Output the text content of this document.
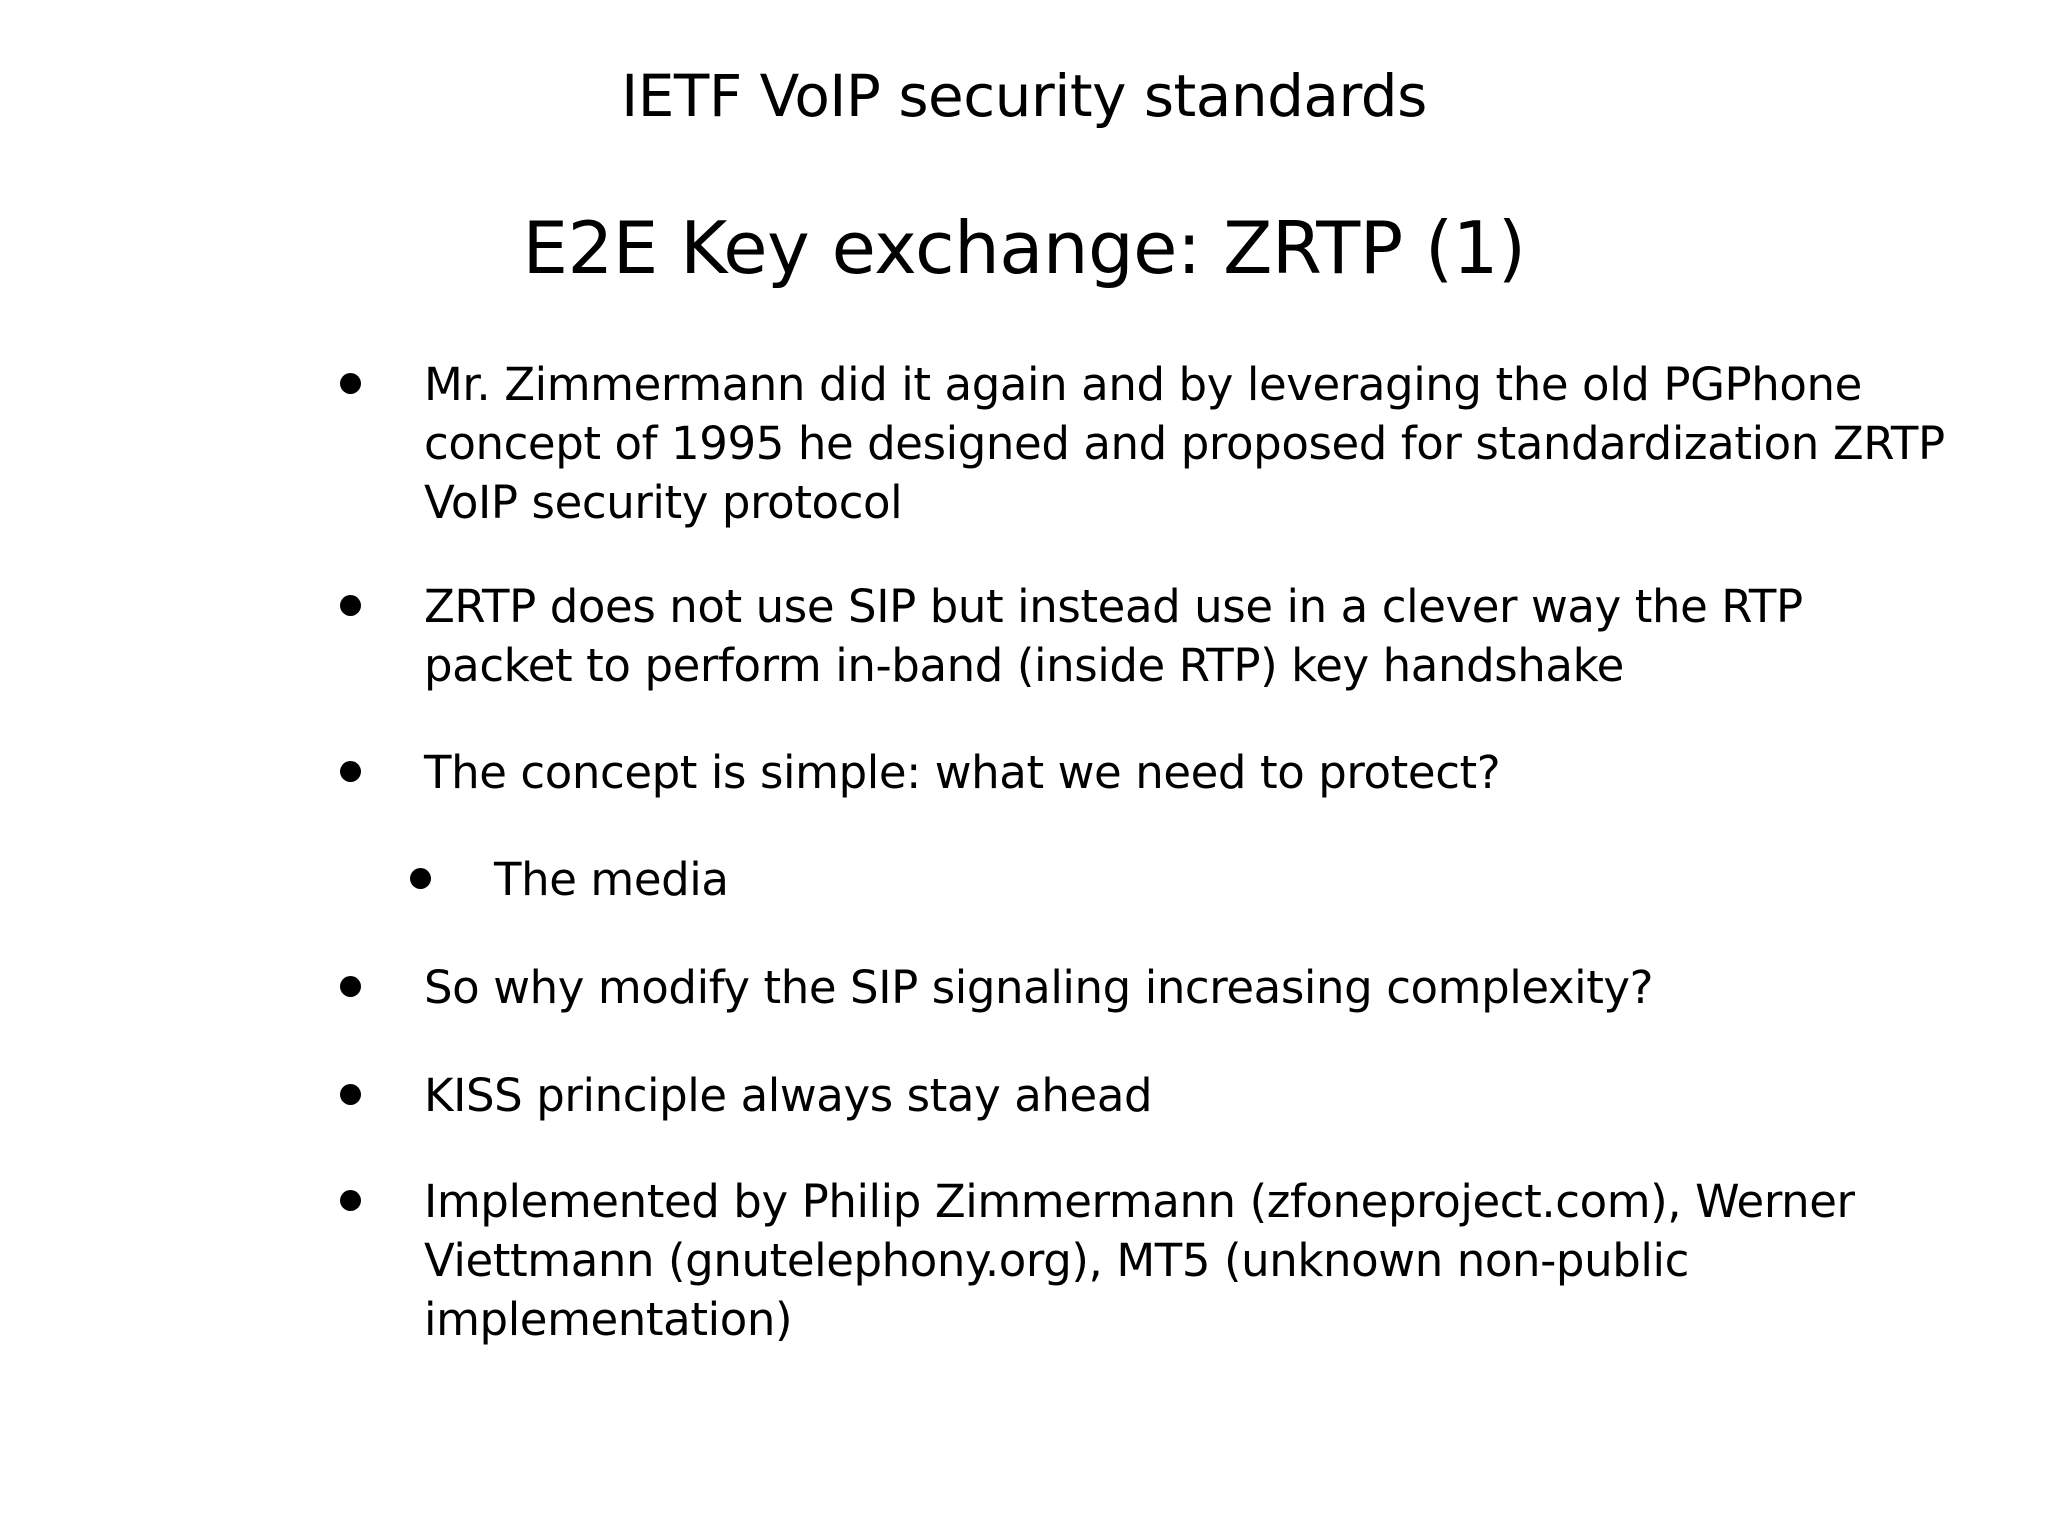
IETF VoIP security standards
E2E Key exchange: ZRTP (1)
Mr. Zimmermann did it again and by leveraging the old PGPhone
concept of 1995 he designed and proposed for standardization ZRTP
VoIP security protocol
ZRTP does not use SIP but instead use in a clever way the RTP
packet to perform in-band (inside RTP) key handshake
The concept is simple: what we need to protect?
The media
So why modify the SIP signaling increasing complexity?
KISS principle always stay ahead
Implemented by Philip Zimmermann (zfoneproject.com), Werner
Viettmann (gnutelephony.org), MT5 (unknown non-public
implementation)
